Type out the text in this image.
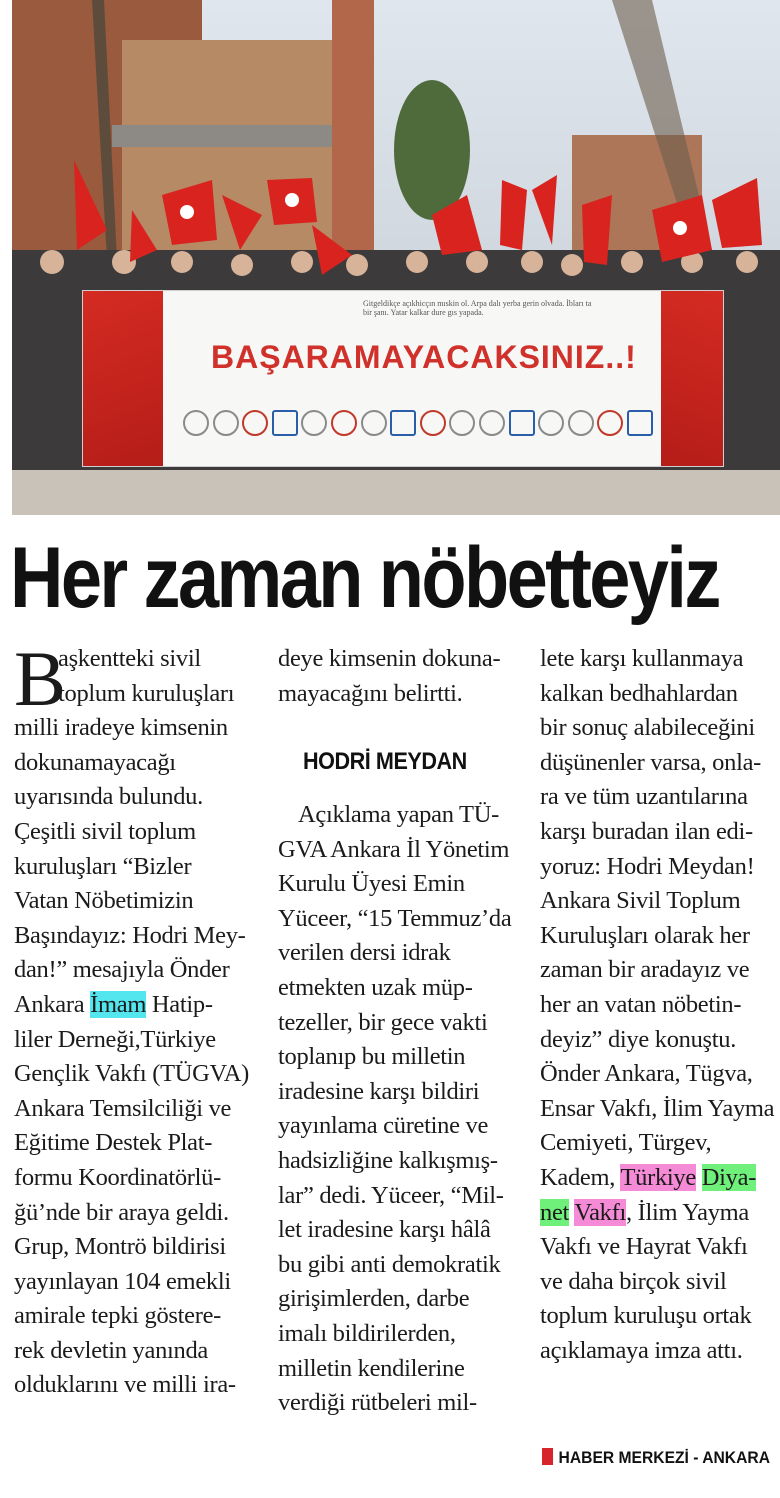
Gitgeldikçe açıkhicçın mıskin ol. Arpa dalı yerba gerin olvada. İbları ta bir şanı. Yatar kalkar dure gıs yapada.
BAŞARAMAYACAKSINIZ..!
Her zaman nöbetteyiz
B
aşkentteki sivil
toplum kuruluşları
milli iradeye kimsenin
dokunamayacağı
uyarısında bulundu.
Çeşitli sivil toplum
kuruluşları “Bizler
Vatan Nöbetimizin
Başındayız: Hodri Mey-
dan!” mesajıyla Önder
Ankara İmam Hatip-
liler Derneği,Türkiye
Gençlik Vakfı (TÜGVA)
Ankara Temsilciliği ve
Eğitime Destek Plat-
formu Koordinatörlü-
ğü’nde bir araya geldi.
Grup, Montrö bildirisi
yayınlayan 104 emekli
amirale tepki göstere-
rek devletin yanında
olduklarını ve milli ira-
deye kimsenin dokuna-
mayacağını belirtti.
HODRİ MEYDAN
Açıklama yapan TÜ-
GVA Ankara İl Yönetim
Kurulu Üyesi Emin
Yüceer, “15 Temmuz’da
verilen dersi idrak
etmekten uzak müp-
tezeller, bir gece vakti
toplanıp bu milletin
iradesine karşı bildiri
yayınlama cüretine ve
hadsizliğine kalkışmış-
lar” dedi. Yüceer, “Mil-
let iradesine karşı hâlâ
bu gibi anti demokratik
girişimlerden, darbe
imalı bildirilerden,
milletin kendilerine
verdiği rütbeleri mil-
lete karşı kullanmaya
kalkan bedhahlardan
bir sonuç alabileceğini
düşünenler varsa, onla-
ra ve tüm uzantılarına
karşı buradan ilan edi-
yoruz: Hodri Meydan!
Ankara Sivil Toplum
Kuruluşları olarak her
zaman bir aradayız ve
her an vatan nöbetin-
deyiz” diye konuştu.
Önder Ankara, Tügva,
Ensar Vakfı, İlim Yayma
Cemiyeti, Türgev,
Kadem, Türkiye Diya-
net Vakfı, İlim Yayma
Vakfı ve Hayrat Vakfı
ve daha birçok sivil
toplum kuruluşu ortak
açıklamaya imza attı.
HABER MERKEZİ - ANKARA
